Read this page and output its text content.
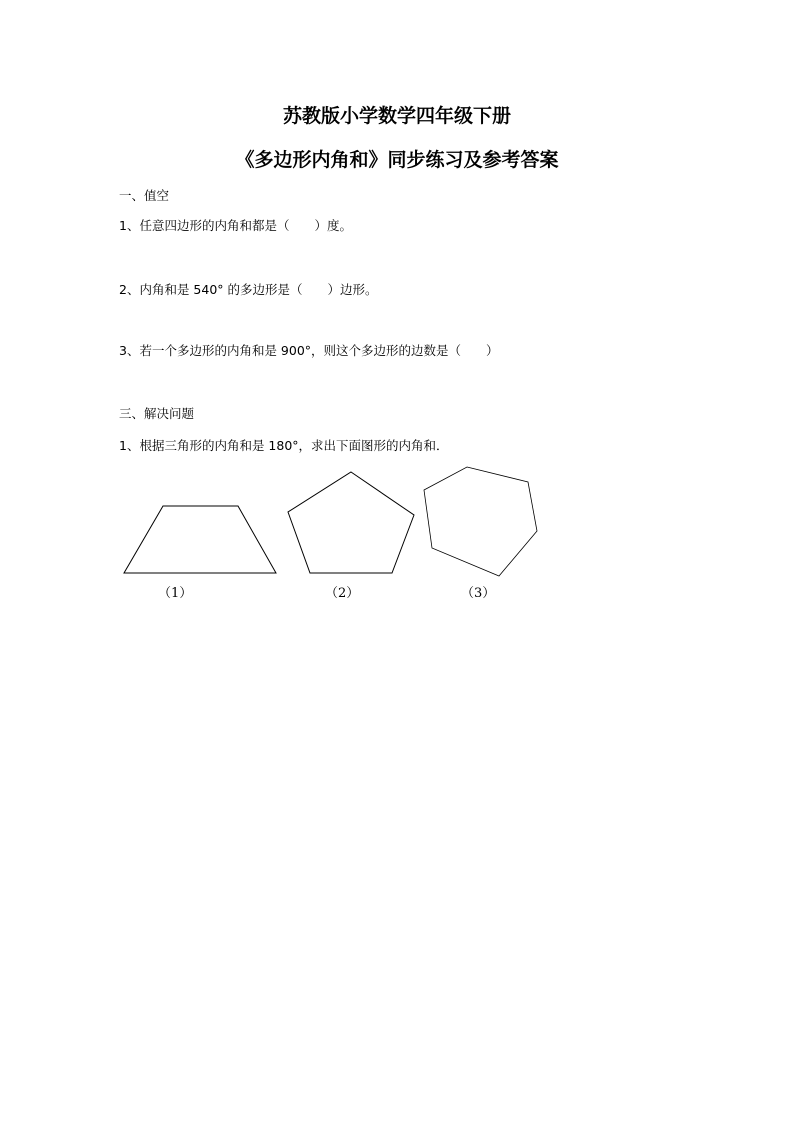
苏教版小学数学四年级下册
《多边形内角和》同步练习及参考答案
一、值空
1、任意四边形的内角和都是（　　）度。
2、内角和是 540° 的多边形是（　　）边形。
3、若一个多边形的内角和是 900°，则这个多边形的边数是（　　）
三、解决问题
1、根据三角形的内角和是 180°，求出下面图形的内角和．
（1）	（2）	（3）
